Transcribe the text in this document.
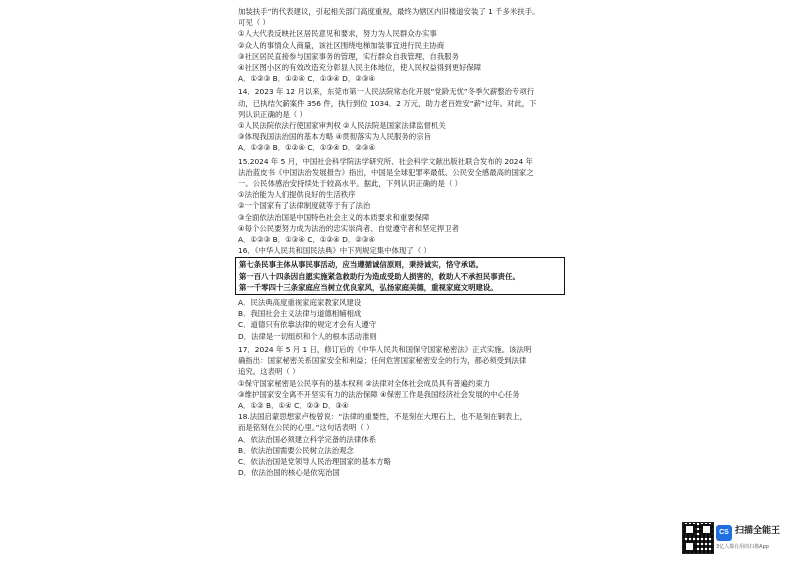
加装扶手”的代表建议，引起相关部门高度重视，最终为辖区内旧楼道安装了 1 千多米扶手。
可见（ ）
①人大代表反映社区居民意见和要求，努力为人民群众办实事
②众人的事情众人商量，该社区围绕电梯加装事宜进行民主协商
③社区居民直接参与国家事务的管理，实行群众自我管理、自我服务
④社区图小区的有效改造充分彰显人民主体地位，使人民权益得到更好保障
A．①②③ B．①②④ C．①③④ D．②③④
14．2023 年 12 月以来，东莞市第一人民法院常态化开展“党龄无忧”冬季欠薪整治专项行
动，已执结欠薪案件 356 件，执行到位 1034．2 万元，助力老百姓安“薪”过年。对此，下
列认识正确的是（ ）
①人民法院依法行使国家审判权 ②人民法院是国家法律监督机关
③体现我国法治国的基本方略 ④贯彻落实为人民服务的宗旨
A．①②③ B．①②④ C．①③④ D．②③④
15.2024 年 5 月，中国社会科学院法学研究所、社会科学文献出版社联合发布的 2024 年
法治蓝皮书《中国法治发展报告》指出，中国是全球犯罪率最低、公民安全感最高的国家之
一。公民体感治安持续处于较高水平。据此，下列认识正确的是（ ）
①法治能为人们提供良好的生活秩序
②一个国家有了法律制度就等于有了法治
③全面依法治国是中国特色社会主义的本质要求和重要保障
④每个公民要努力成为法治的忠实崇尚者、自觉遵守者和坚定捍卫者
A．①②③ B．①③④ C．①②④ D．②③④
16．《中华人民共和国民法典》中下列规定集中体现了（ ）
第七条民事主体从事民事活动，应当遵循诚信原则，秉持诚实，恪守承诺。
第一百八十四条因自愿实施紧急救助行为造成受助人损害的，救助人不承担民事责任。
第一千零四十三条家庭应当树立优良家风，弘扬家庭美德，重视家庭文明建设。
A．民法典高度重视家庭家教家风建设
B．我国社会主义法律与道德相辅相成
C．道德只有依靠法律的规定才会有人遵守
D．法律是一切组织和个人的根本活动准则
17．2024 年 5 月 1 日，修订后的《中华人民共和国保守国家秘密法》正式实施。该法明
确指出：国家秘密关系国家安全和利益；任何危害国家秘密安全的行为，都必须受到法律
追究。这表明（ ）
①保守国家秘密是公民享有的基本权利 ②法律对全体社会成员具有普遍约束力
③维护国家安全离不开坚实有力的法治保障 ④保密工作是我国经济社会发展的中心任务
A．①② B．①④ C．②③ D．③④
18.法国启蒙思想家卢梭曾说：“法律的重要性，不是刻在大理石上，也不是刻在铜表上，
而是铭刻在公民的心里。”这句话表明（ ）
A．依法治国必须建立科学完备的法律体系
B．依法治国需要公民树立法治观念
C．依法治国是党领导人民治理国家的基本方略
D．依法治国的核心是依宪治国
CS 扫描全能王
3亿人都在用的扫描App
